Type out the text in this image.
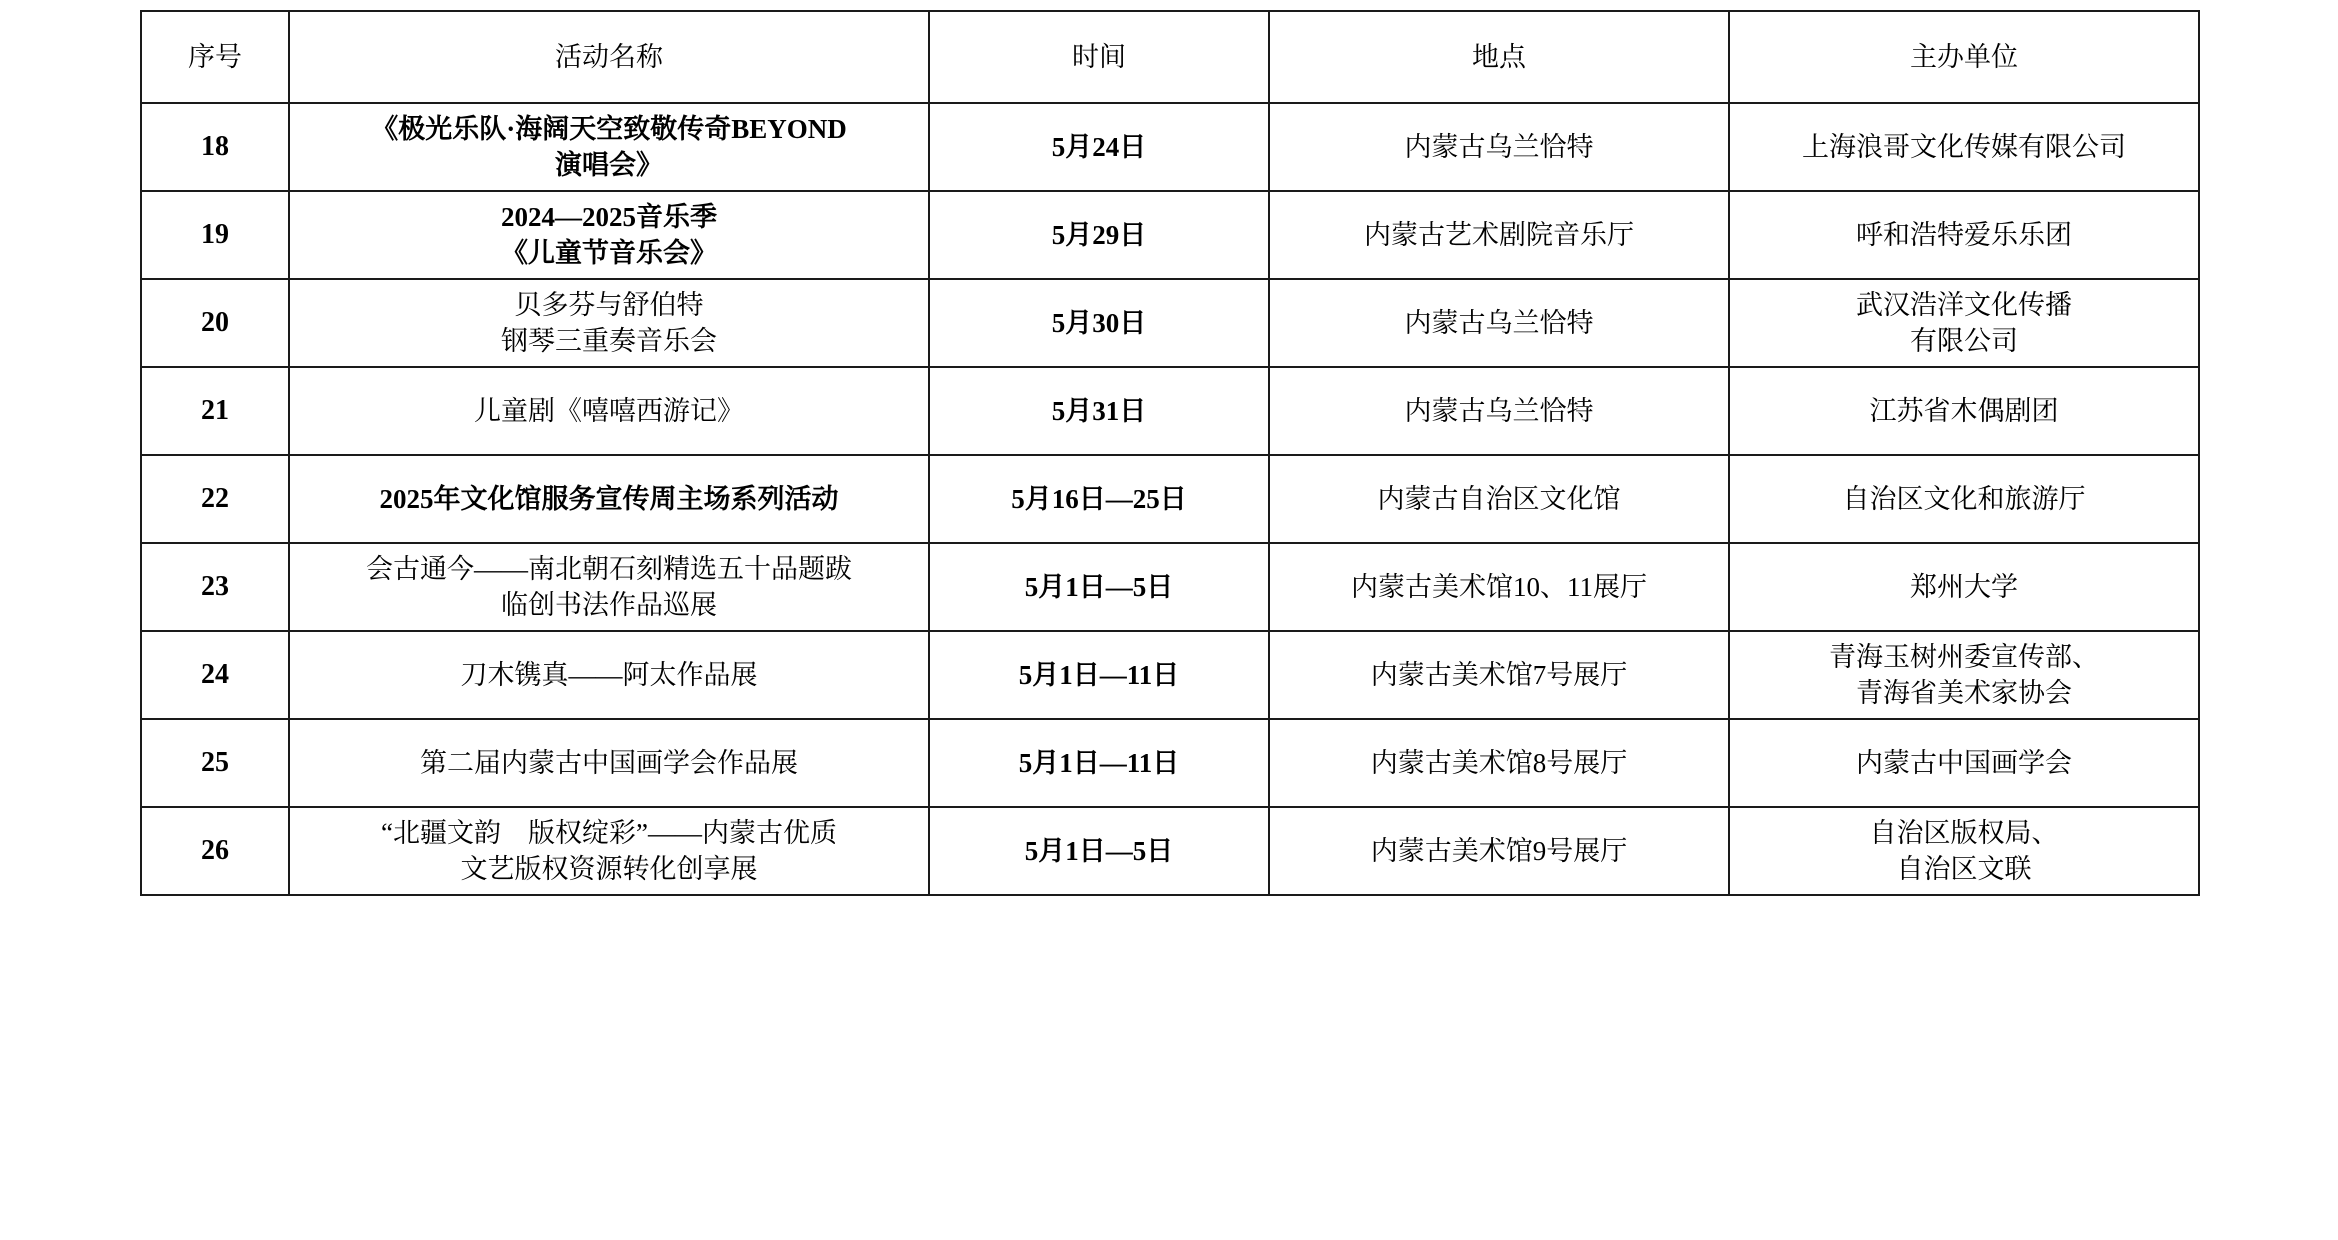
序号	活动名称	时间	地点	主办单位

18	《极光乐队·海阔天空致敬传奇BEYOND
演唱会》	5月24日	内蒙古乌兰恰特	上海浪哥文化传媒有限公司

19	2024—2025音乐季
《儿童节音乐会》	5月29日	内蒙古艺术剧院音乐厅	呼和浩特爱乐乐团

20	贝多芬与舒伯特
钢琴三重奏音乐会	5月30日	内蒙古乌兰恰特	武汉浩洋文化传播
有限公司

21	儿童剧《嘻嘻西游记》	5月31日	内蒙古乌兰恰特	江苏省木偶剧团

22	2025年文化馆服务宣传周主场系列活动	5月16日—25日	内蒙古自治区文化馆	自治区文化和旅游厅

23	会古通今——南北朝石刻精选五十品题跋
临创书法作品巡展	5月1日—5日	内蒙古美术馆10、11展厅	郑州大学

24	刀木镌真——阿太作品展	5月1日—11日	内蒙古美术馆7号展厅	青海玉树州委宣传部、
青海省美术家协会

25	第二届内蒙古中国画学会作品展	5月1日—11日	内蒙古美术馆8号展厅	内蒙古中国画学会

26	“北疆文韵　版权绽彩”——内蒙古优质
文艺版权资源转化创享展	5月1日—5日	内蒙古美术馆9号展厅	自治区版权局、
自治区文联
